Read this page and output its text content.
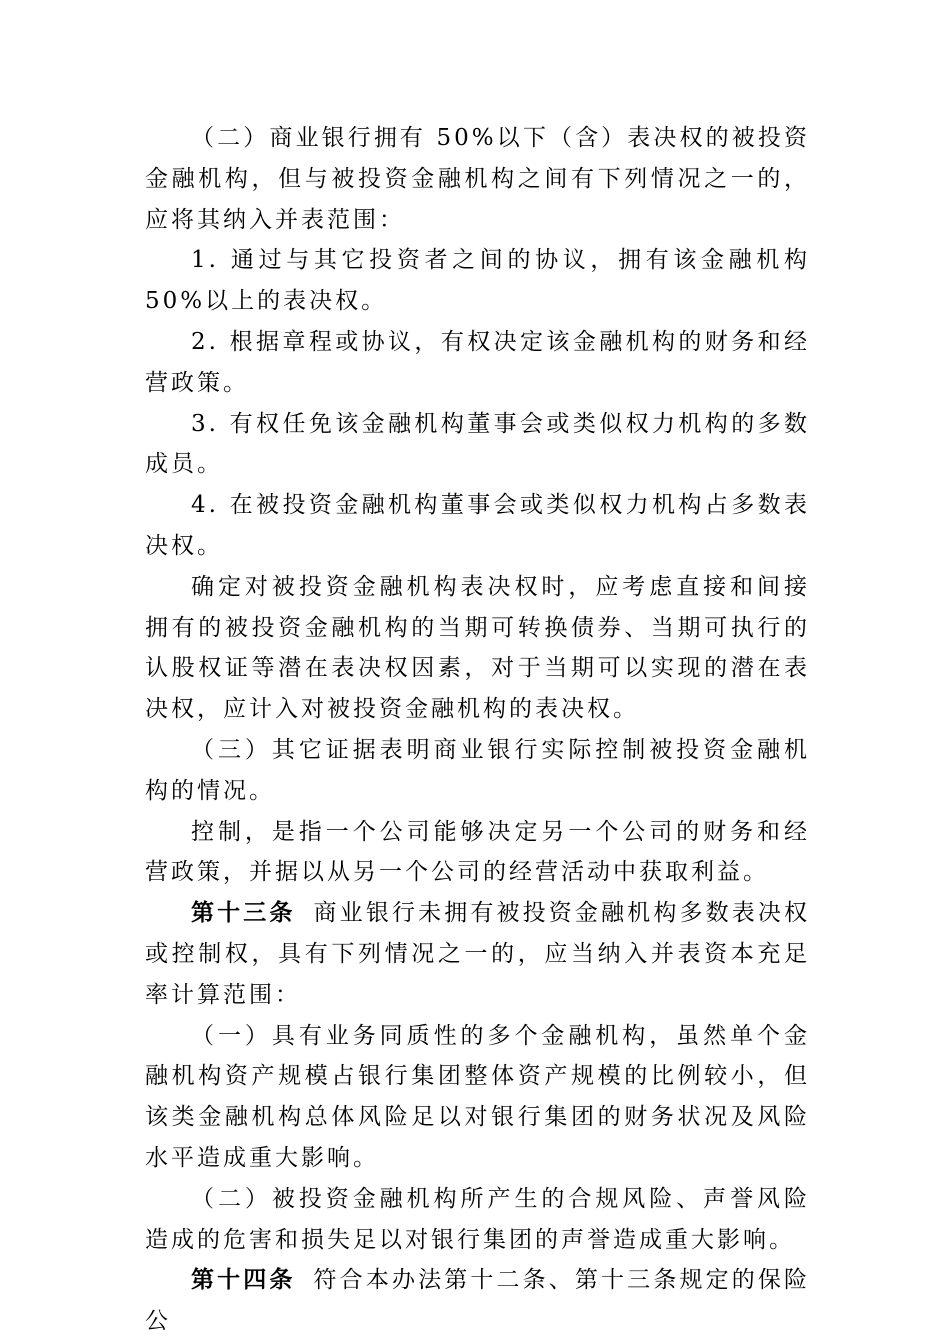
（二）商业银行拥有 50%以下（含）表决权的被投资金融机构，但与被投资金融机构之间有下列情况之一的，应将其纳入并表范围：

1. 通过与其它投资者之间的协议，拥有该金融机构 50%以上的表决权。

2. 根据章程或协议，有权决定该金融机构的财务和经营政策。

3. 有权任免该金融机构董事会或类似权力机构的多数成员。

4. 在被投资金融机构董事会或类似权力机构占多数表决权。

确定对被投资金融机构表决权时，应考虑直接和间接拥有的被投资金融机构的当期可转换债券、当期可执行的认股权证等潜在表决权因素，对于当期可以实现的潜在表决权，应计入对被投资金融机构的表决权。

（三）其它证据表明商业银行实际控制被投资金融机构的情况。

控制，是指一个公司能够决定另一个公司的财务和经营政策，并据以从另一个公司的经营活动中获取利益。

第十三条 商业银行未拥有被投资金融机构多数表决权或控制权，具有下列情况之一的，应当纳入并表资本充足率计算范围：

（一）具有业务同质性的多个金融机构，虽然单个金融机构资产规模占银行集团整体资产规模的比例较小，但该类金融机构总体风险足以对银行集团的财务状况及风险水平造成重大影响。

（二）被投资金融机构所产生的合规风险、声誉风险造成的危害和损失足以对银行集团的声誉造成重大影响。

第十四条 符合本办法第十二条、第十三条规定的保险公
